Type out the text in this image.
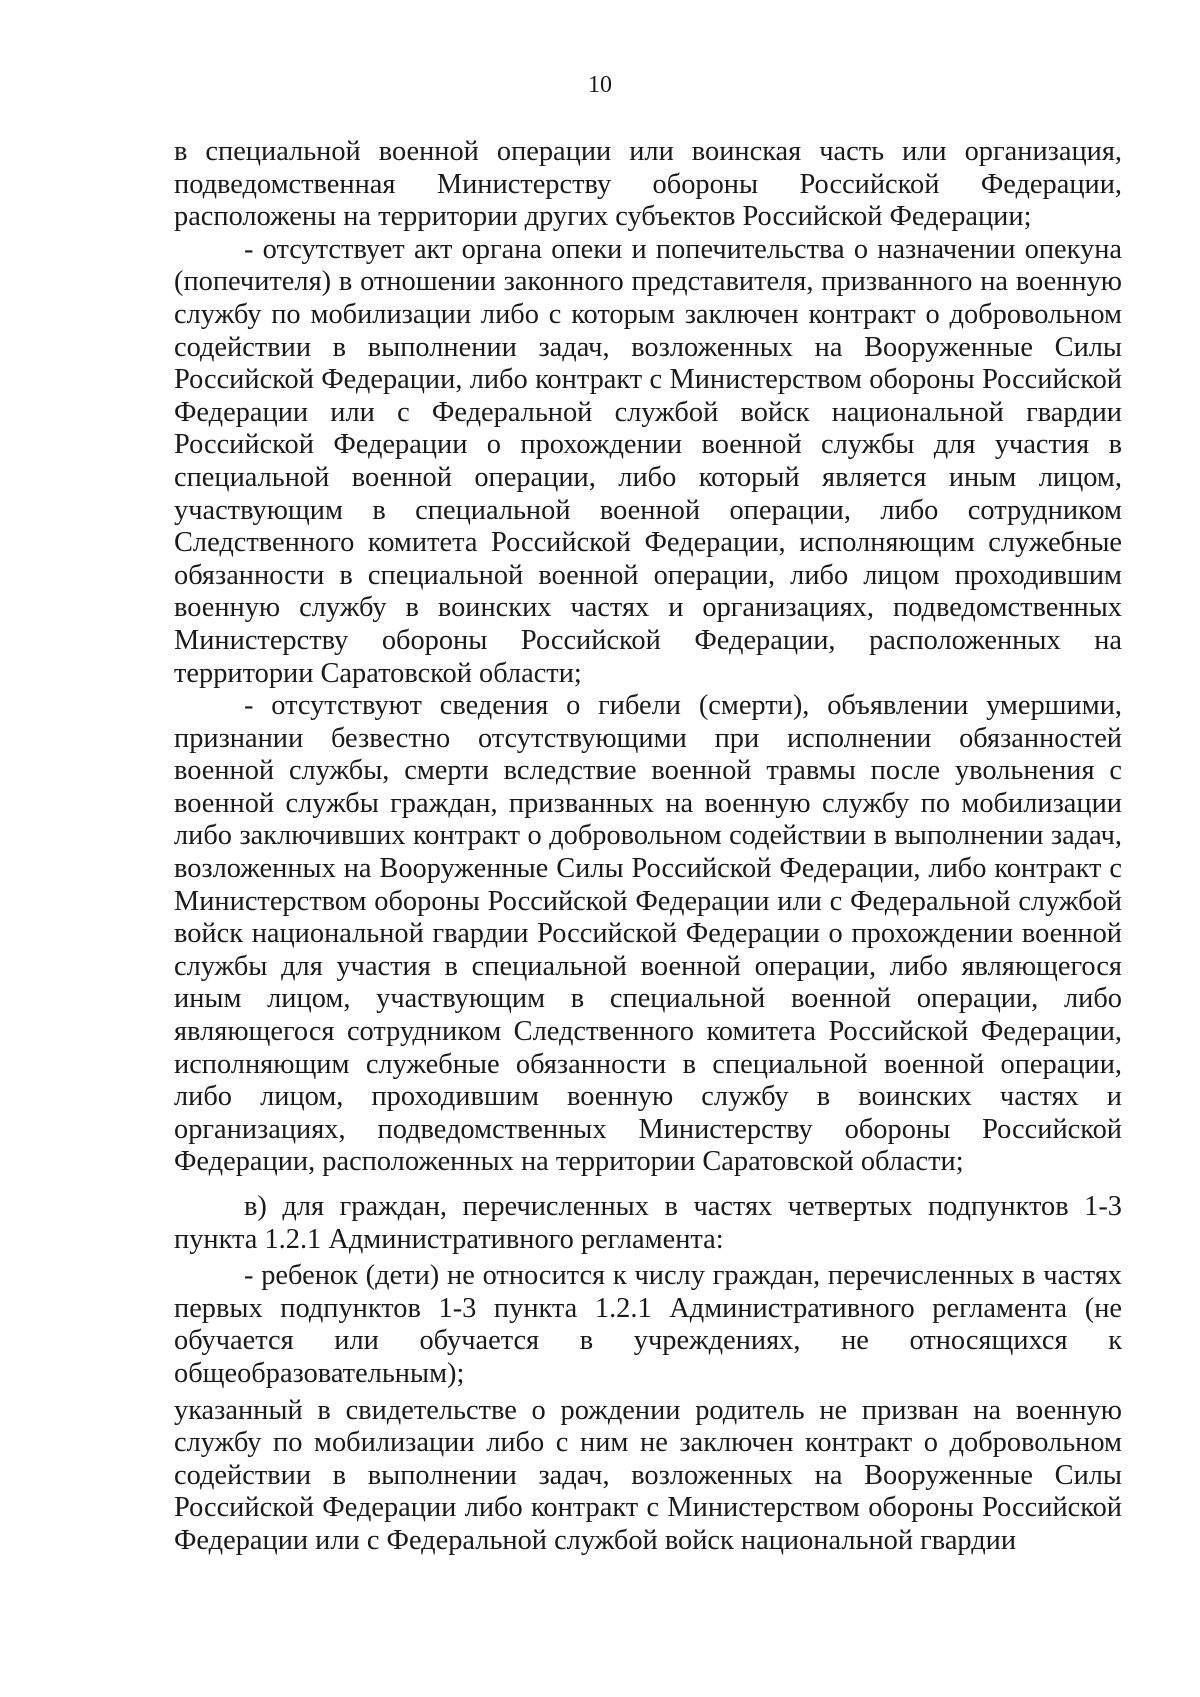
10

в специальной военной операции или воинская часть или организация, подведомственная Министерству обороны Российской Федерации, расположены на территории других субъектов Российской Федерации;

- отсутствует акт органа опеки и попечительства о назначении опекуна (попечителя) в отношении законного представителя, призванного на военную службу по мобилизации либо с которым заключен контракт о добровольном содействии в выполнении задач, возложенных на Вооруженные Силы Российской Федерации, либо контракт с Министерством обороны Российской Федерации или с Федеральной службой войск национальной гвардии Российской Федерации о прохождении военной службы для участия в специальной военной операции, либо который является иным лицом, участвующим в специальной военной операции, либо сотрудником Следственного комитета Российской Федерации, исполняющим служебные обязанности в специальной военной операции, либо лицом проходившим военную службу в воинских частях и организациях, подведомственных Министерству обороны Российской Федерации, расположенных на территории Саратовской области;

- отсутствуют сведения о гибели (смерти), объявлении умершими, признании безвестно отсутствующими при исполнении обязанностей военной службы, смерти вследствие военной травмы после увольнения с военной службы граждан, призванных на военную службу по мобилизации либо заключивших контракт о добровольном содействии в выполнении задач, возложенных на Вооруженные Силы Российской Федерации, либо контракт с Министерством обороны Российской Федерации или с Федеральной службой войск национальной гвардии Российской Федерации о прохождении военной службы для участия в специальной военной операции, либо являющегося иным лицом, участвующим в специальной военной операции, либо являющегося сотрудником Следственного комитета Российской Федерации, исполняющим служебные обязанности в специальной военной операции, либо лицом, проходившим военную службу в воинских частях и организациях, подведомственных Министерству обороны Российской Федерации, расположенных на территории Саратовской области;

в) для граждан, перечисленных в частях четвертых подпунктов 1-3 пункта 1.2.1 Административного регламента:

- ребенок (дети) не относится к числу граждан, перечисленных в частях первых подпунктов 1-3 пункта 1.2.1 Административного регламента (не обучается или обучается в учреждениях, не относящихся к общеобразовательным);

указанный в свидетельстве о рождении родитель не призван на военную службу по мобилизации либо с ним не заключен контракт о добровольном содействии в выполнении задач, возложенных на Вооруженные Силы Российской Федерации либо контракт с Министерством обороны Российской Федерации или с Федеральной службой войск национальной гвардии
